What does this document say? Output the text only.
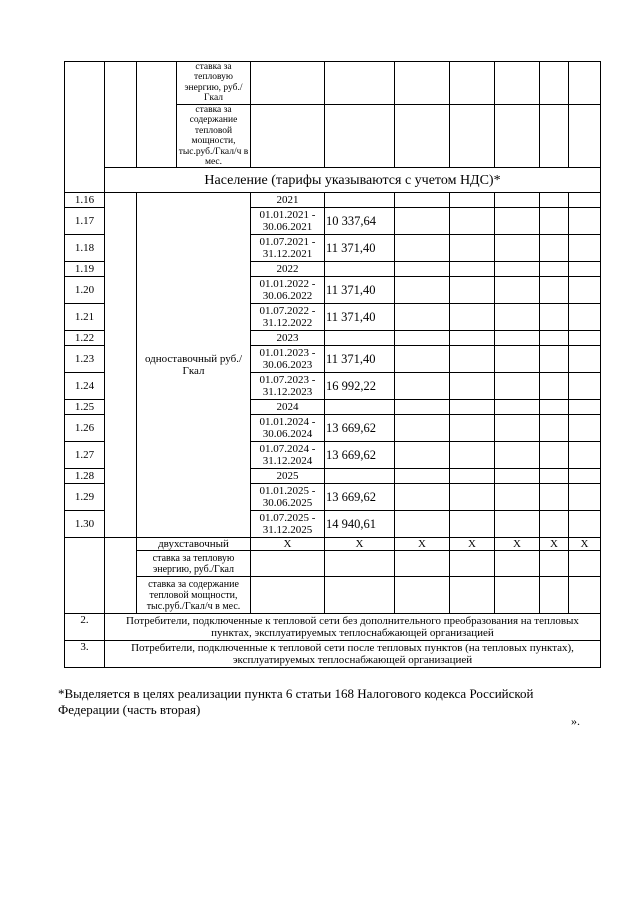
			ставка за тепловую энергию, руб./Гкал							
			ставка за содержание тепловой мощности, тыс.руб./Гкал/ч в мес.							
	Население (тарифы указываются с учетом НДС)*									
1.16		одноставочный руб./Гкал		2021						
1.17				01.01.2021 - 30.06.2021	10 337,64					
1.18				01.07.2021 - 31.12.2021	11 371,40					
1.19				2022						
1.20				01.01.2022 - 30.06.2022	11 371,40					
1.21				01.07.2022 - 31.12.2022	11 371,40					
1.22				2023						
1.23				01.01.2023 - 30.06.2023	11 371,40					
1.24				01.07.2023 - 31.12.2023	16 992,22					
1.25				2024						
1.26				01.01.2024 - 30.06.2024	13 669,62					
1.27				01.07.2024 - 31.12.2024	13 669,62					
1.28				2025						
1.29				01.01.2025 - 30.06.2025	13 669,62					
1.30				01.07.2025 - 31.12.2025	14 940,61					
		двухставочный		Х	Х	Х	Х	Х	Х	Х
		ставка за тепловую энергию, руб./Гкал								
		ставка за содержание тепловой мощности, тыс.руб./Гкал/ч в мес.								
2.	Потребители, подключенные к тепловой сети без дополнительного преобразования на тепловых пунктах, эксплуатируемых теплоснабжающей организацией									
3.	Потребители, подключенные к тепловой сети после тепловых пунктов (на тепловых пунктах), эксплуатируемых теплоснабжающей организацией									

*Выделяется в целях реализации пункта 6 статьи 168 Налогового кодекса Российской Федерации (часть вторая)

».
